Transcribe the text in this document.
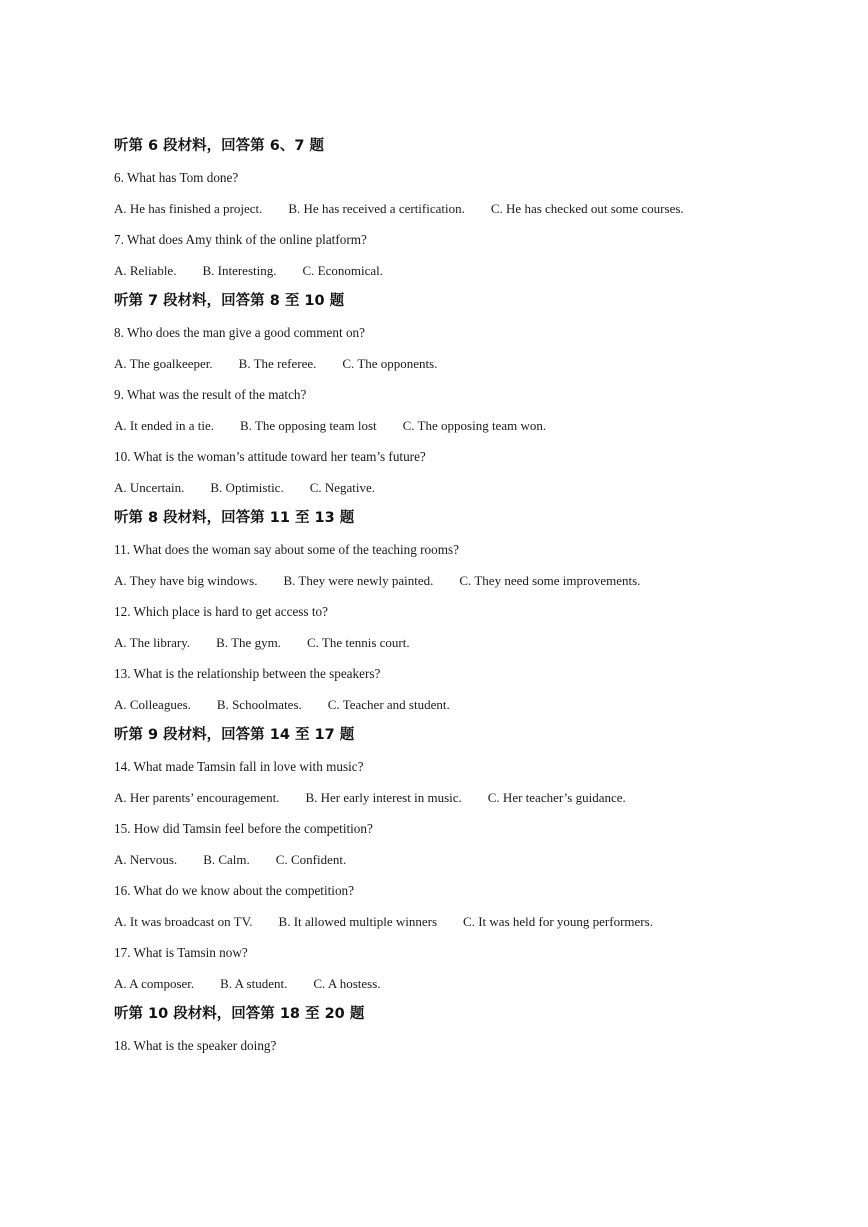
听第 6 段材料，回答第 6、7 题
6. What has Tom done?
A. He has finished a project. B. He has received a certification. C. He has checked out some courses.
7. What does Amy think of the online platform?
A. Reliable. B. Interesting. C. Economical.
听第 7 段材料，回答第 8 至 10 题
8. Who does the man give a good comment on?
A. The goalkeeper. B. The referee. C. The opponents.
9. What was the result of the match?
A. It ended in a tie. B. The opposing team lost C. The opposing team won.
10. What is the woman’s attitude toward her team’s future?
A. Uncertain. B. Optimistic. C. Negative.
听第 8 段材料，回答第 11 至 13 题
11. What does the woman say about some of the teaching rooms?
A. They have big windows. B. They were newly painted. C. They need some improvements.
12. Which place is hard to get access to?
A. The library. B. The gym. C. The tennis court.
13. What is the relationship between the speakers?
A. Colleagues. B. Schoolmates. C. Teacher and student.
听第 9 段材料，回答第 14 至 17 题
14. What made Tamsin fall in love with music?
A. Her parents’ encouragement. B. Her early interest in music. C. Her teacher’s guidance.
15. How did Tamsin feel before the competition?
A. Nervous. B. Calm. C. Confident.
16. What do we know about the competition?
A. It was broadcast on TV. B. It allowed multiple winners C. It was held for young performers.
17. What is Tamsin now?
A. A composer. B. A student. C. A hostess.
听第 10 段材料，回答第 18 至 20 题
18. What is the speaker doing?
